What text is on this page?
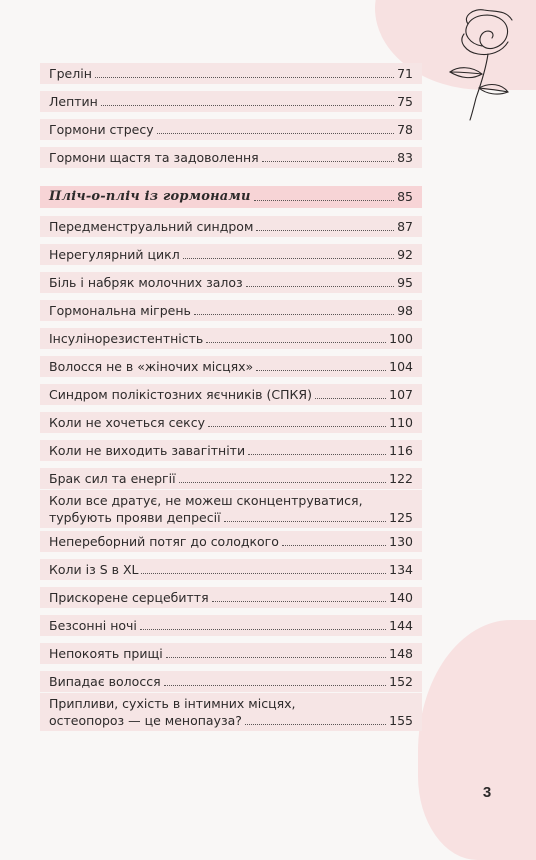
Грелін	71
Лептин	75
Гормони стресу	78
Гормони щастя та задоволення	83
Пліч-о-пліч із гормонами	85
Передменструальний синдром	87
Нерегулярний цикл	92
Біль і набряк молочних залоз	95
Гормональна мігрень	98
Інсулінорезистентність	100
Волосся не в «жіночих місцях»	104
Синдром полікістозних яєчників (СПКЯ)	107
Коли не хочеться сексу	110
Коли не виходить завагітніти	116
Брак сил та енергії	122
Коли все дратує, не можеш сконцентруватися,
турбують прояви депресії	125
Непереборний потяг до солодкого	130
Коли із S в XL	134
Прискорене серцебиття	140
Безсонні ночі	144
Непокоять прищі	148
Випадає волосся	152
Припливи, сухість в інтимних місцях,
остеопороз — це менопауза?	155
3
